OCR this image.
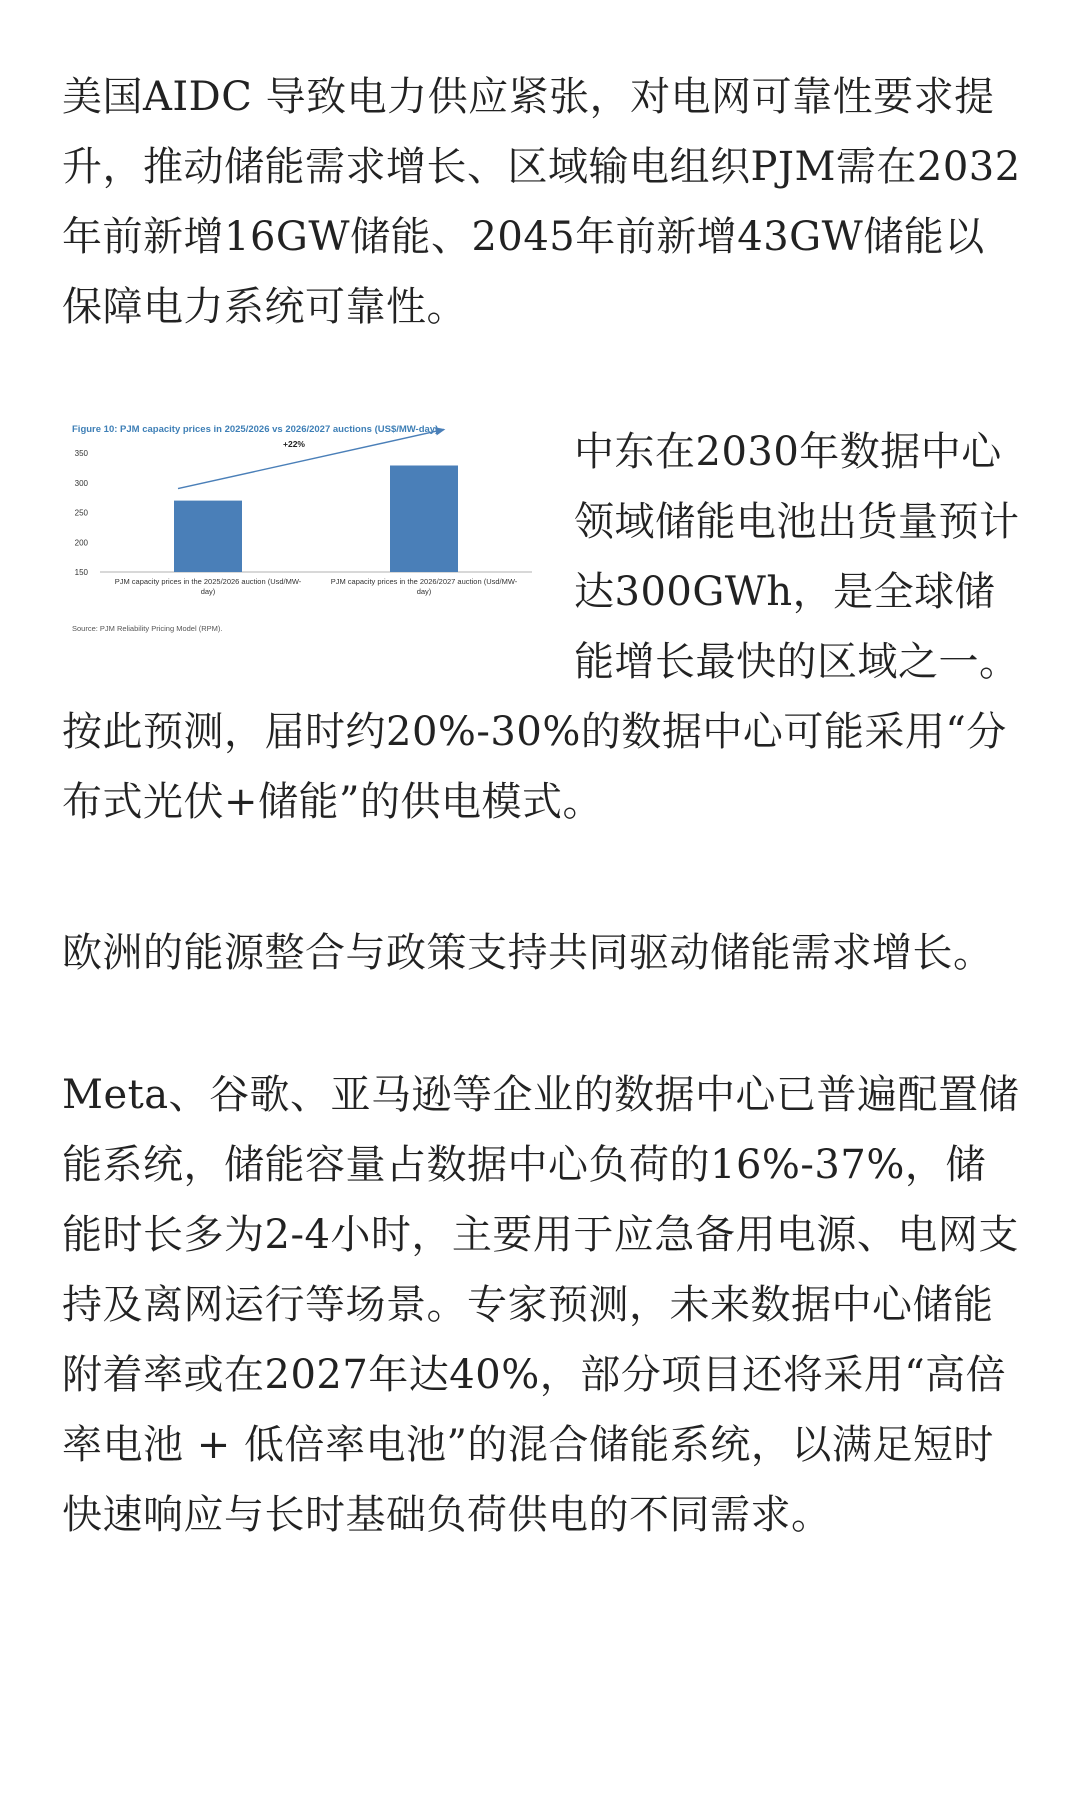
美国AIDC 导致电力供应紧张，对电网可靠性要求提升，推动储能需求增长、区域输电组织PJM需在2032年前新增16GW储能、2045年前新增43GW储能以保障电力系统可靠性。

Figure 10: PJM capacity prices in 2025/2026 vs 2026/2027 auctions (US$/MW-day)
150
200
250
300
350
PJM capacity prices in the 2025/2026 auction (Usd/MW-
day)
PJM capacity prices in the 2026/2027 auction (Usd/MW-
day)
+22%
Source: PJM Reliability Pricing Model (RPM).

中东在2030年数据中心领域储能电池出货量预计达300GWh，是全球储能增长最快的区域之一。

按此预测，届时约20%-30%的数据中心可能采用“分布式光伏+储能”的供电模式。

欧洲的能源整合与政策支持共同驱动储能需求增长。

Meta、谷歌、亚马逊等企业的数据中心已普遍配置储能系统，储能容量占数据中心负荷的16%-37%，储能时长多为2-4小时，主要用于应急备用电源、电网支持及离网运行等场景。专家预测，未来数据中心储能附着率或在2027年达40%，部分项目还将采用“高倍率电池 + 低倍率电池”的混合储能系统，以满足短时快速响应与长时基础负荷供电的不同需求。
